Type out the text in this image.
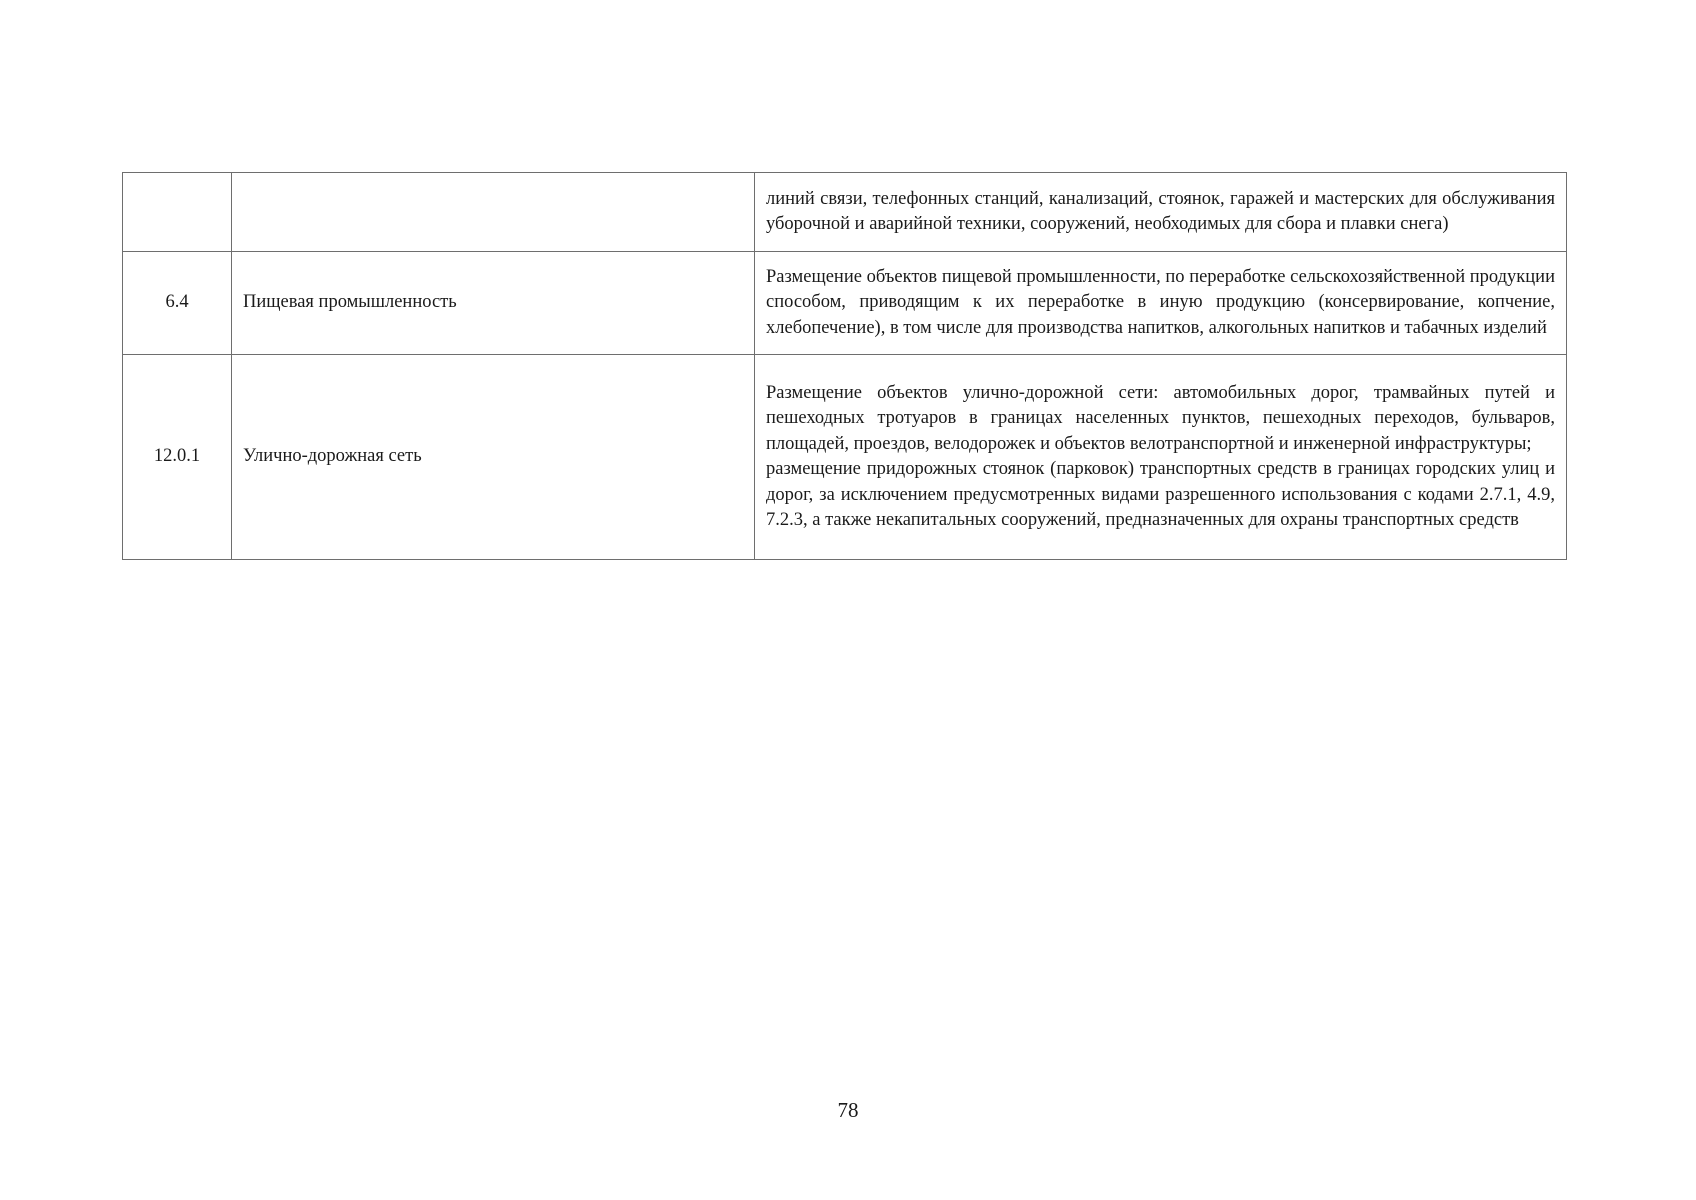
		линий связи, телефонных станций, канализаций, стоянок, гаражей и мастерских для обслуживания уборочной и аварийной техники, сооружений, необходимых для сбора и плавки снега)

6.4	Пищевая промышленность	Размещение объектов пищевой промышленности, по переработке сельскохозяйственной продукции способом, приводящим к их переработке в иную продукцию (консервирование, копчение, хлебопечение), в том числе для производства напитков, алкогольных напитков и табачных изделий

12.0.1	Улично-дорожная сеть	Размещение объектов улично-дорожной сети: автомобильных дорог, трамвайных путей и пешеходных тротуаров в границах населенных пунктов, пешеходных переходов, бульваров, площадей, проездов, велодорожек и объектов велотранспортной и инженерной инфраструктуры;
размещение придорожных стоянок (парковок) транспортных средств в границах городских улиц и дорог, за исключением предусмотренных видами разрешенного использования с кодами 2.7.1, 4.9, 7.2.3, а также некапитальных сооружений, предназначенных для охраны транспортных средств
78
